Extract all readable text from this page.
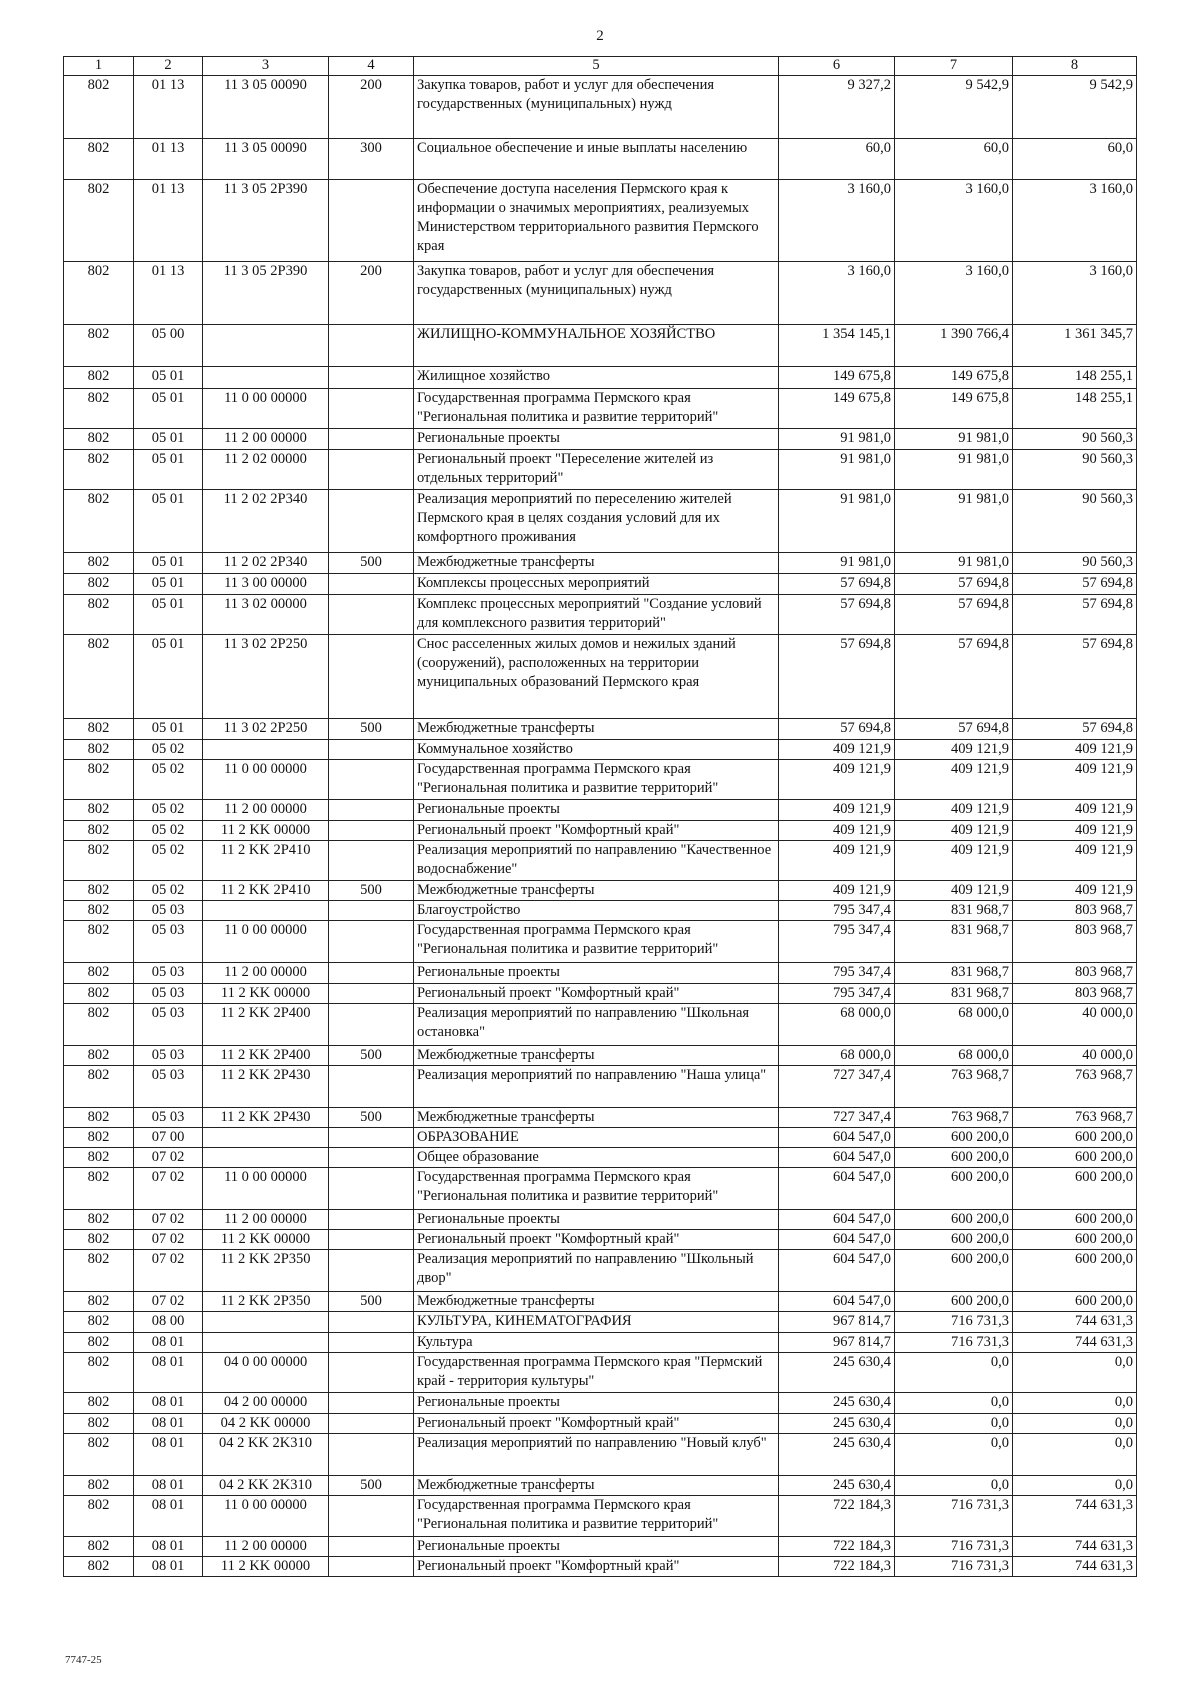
2
1	2	3	4	5	6	7	8
802	01 13	11 3 05 00090	200	Закупка товаров, работ и услуг для обеспечения государственных (муниципальных) нужд	9 327,2	9 542,9	9 542,9
802	01 13	11 3 05 00090	300	Социальное обеспечение и иные выплаты населению	60,0	60,0	60,0
802	01 13	11 3 05 2P390		Обеспечение доступа населения Пермского края к информации о значимых мероприятиях, реализуемых Министерством территориального развития Пермского края	3 160,0	3 160,0	3 160,0
802	01 13	11 3 05 2P390	200	Закупка товаров, работ и услуг для обеспечения государственных (муниципальных) нужд	3 160,0	3 160,0	3 160,0
802	05 00			ЖИЛИЩНО-КОММУНАЛЬНОЕ ХОЗЯЙСТВО	1 354 145,1	1 390 766,4	1 361 345,7
802	05 01			Жилищное хозяйство	149 675,8	149 675,8	148 255,1
802	05 01	11 0 00 00000		Государственная программа Пермского края "Региональная политика и развитие территорий"	149 675,8	149 675,8	148 255,1
802	05 01	11 2 00 00000		Региональные проекты	91 981,0	91 981,0	90 560,3
802	05 01	11 2 02 00000		Региональный проект "Переселение жителей из отдельных территорий"	91 981,0	91 981,0	90 560,3
802	05 01	11 2 02 2P340		Реализация мероприятий по переселению жителей Пермского края в целях создания условий для их комфортного проживания	91 981,0	91 981,0	90 560,3
802	05 01	11 2 02 2P340	500	Межбюджетные трансферты	91 981,0	91 981,0	90 560,3
802	05 01	11 3 00 00000		Комплексы процессных мероприятий	57 694,8	57 694,8	57 694,8
802	05 01	11 3 02 00000		Комплекс процессных мероприятий "Создание условий для комплексного развития территорий"	57 694,8	57 694,8	57 694,8
802	05 01	11 3 02 2P250		Снос расселенных жилых домов и нежилых зданий (сооружений), расположенных на территории муниципальных образований Пермского края	57 694,8	57 694,8	57 694,8
802	05 01	11 3 02 2P250	500	Межбюджетные трансферты	57 694,8	57 694,8	57 694,8
802	05 02			Коммунальное хозяйство	409 121,9	409 121,9	409 121,9
802	05 02	11 0 00 00000		Государственная программа Пермского края "Региональная политика и развитие территорий"	409 121,9	409 121,9	409 121,9
802	05 02	11 2 00 00000		Региональные проекты	409 121,9	409 121,9	409 121,9
802	05 02	11 2 KK 00000		Региональный проект "Комфортный край"	409 121,9	409 121,9	409 121,9
802	05 02	11 2 KK 2P410		Реализация мероприятий по направлению "Качественное водоснабжение"	409 121,9	409 121,9	409 121,9
802	05 02	11 2 KK 2P410	500	Межбюджетные трансферты	409 121,9	409 121,9	409 121,9
802	05 03			Благоустройство	795 347,4	831 968,7	803 968,7
802	05 03	11 0 00 00000		Государственная программа Пермского края "Региональная политика и развитие территорий"	795 347,4	831 968,7	803 968,7
802	05 03	11 2 00 00000		Региональные проекты	795 347,4	831 968,7	803 968,7
802	05 03	11 2 KK 00000		Региональный проект "Комфортный край"	795 347,4	831 968,7	803 968,7
802	05 03	11 2 KK 2P400		Реализация мероприятий по направлению "Школьная остановка"	68 000,0	68 000,0	40 000,0
802	05 03	11 2 KK 2P400	500	Межбюджетные трансферты	68 000,0	68 000,0	40 000,0
802	05 03	11 2 KK 2P430		Реализация мероприятий по направлению "Наша улица"	727 347,4	763 968,7	763 968,7
802	05 03	11 2 KK 2P430	500	Межбюджетные трансферты	727 347,4	763 968,7	763 968,7
802	07 00			ОБРАЗОВАНИЕ	604 547,0	600 200,0	600 200,0
802	07 02			Общее образование	604 547,0	600 200,0	600 200,0
802	07 02	11 0 00 00000		Государственная программа Пермского края "Региональная политика и развитие территорий"	604 547,0	600 200,0	600 200,0
802	07 02	11 2 00 00000		Региональные проекты	604 547,0	600 200,0	600 200,0
802	07 02	11 2 KK 00000		Региональный проект "Комфортный край"	604 547,0	600 200,0	600 200,0
802	07 02	11 2 KK 2P350		Реализация мероприятий по направлению "Школьный двор"	604 547,0	600 200,0	600 200,0
802	07 02	11 2 KK 2P350	500	Межбюджетные трансферты	604 547,0	600 200,0	600 200,0
802	08 00			КУЛЬТУРА, КИНЕМАТОГРАФИЯ	967 814,7	716 731,3	744 631,3
802	08 01			Культура	967 814,7	716 731,3	744 631,3
802	08 01	04 0 00 00000		Государственная программа Пермского края "Пермский край - территория культуры"	245 630,4	0,0	0,0
802	08 01	04 2 00 00000		Региональные проекты	245 630,4	0,0	0,0
802	08 01	04 2 KK 00000		Региональный проект "Комфортный край"	245 630,4	0,0	0,0
802	08 01	04 2 KK 2K310		Реализация мероприятий по направлению "Новый клуб"	245 630,4	0,0	0,0
802	08 01	04 2 KK 2K310	500	Межбюджетные трансферты	245 630,4	0,0	0,0
802	08 01	11 0 00 00000		Государственная программа Пермского края "Региональная политика и развитие территорий"	722 184,3	716 731,3	744 631,3
802	08 01	11 2 00 00000		Региональные проекты	722 184,3	716 731,3	744 631,3
802	08 01	11 2 KK 00000		Региональный проект "Комфортный край"	722 184,3	716 731,3	744 631,3
7747-25
